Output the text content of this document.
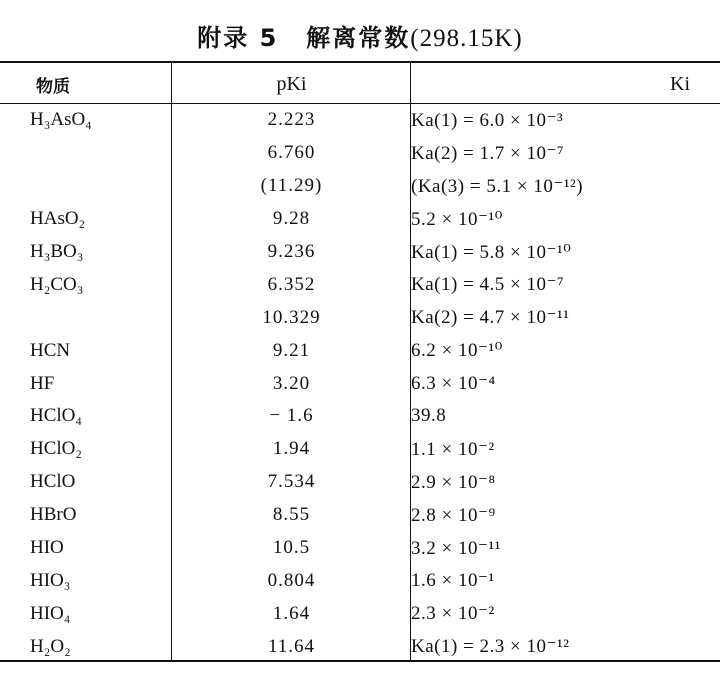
附录 5 解离常数(298.15K)
物质	pKi	Ki
H₃AsO₄	2.223	Ka(1) = 6.0 × 10⁻³
	6.760	Ka(2) = 1.7 × 10⁻⁷
	(11.29)	(Ka(3) = 5.1 × 10⁻¹²)
HAsO₂	9.28	5.2 × 10⁻¹⁰
H₃BO₃	9.236	Ka(1) = 5.8 × 10⁻¹⁰
H₂CO₃	6.352	Ka(1) = 4.5 × 10⁻⁷
	10.329	Ka(2) = 4.7 × 10⁻¹¹
HCN	9.21	6.2 × 10⁻¹⁰
HF	3.20	6.3 × 10⁻⁴
HClO₄	− 1.6	39.8
HClO₂	1.94	1.1 × 10⁻²
HClO	7.534	2.9 × 10⁻⁸
HBrO	8.55	2.8 × 10⁻⁹
HIO	10.5	3.2 × 10⁻¹¹
HIO₃	0.804	1.6 × 10⁻¹
HIO₄	1.64	2.3 × 10⁻²
H₂O₂	11.64	Ka(1) = 2.3 × 10⁻¹²
